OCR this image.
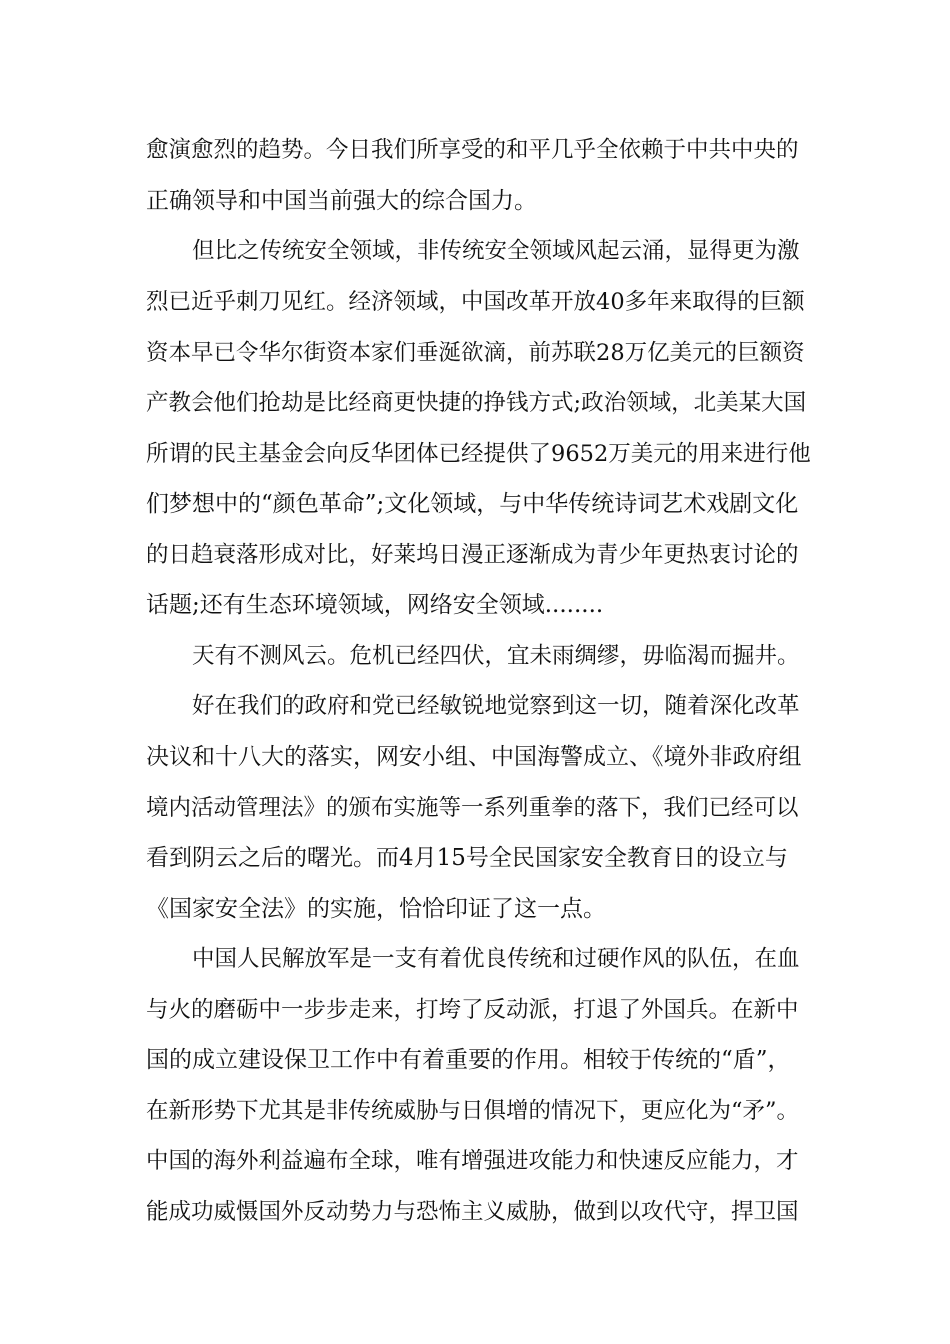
愈演愈烈的趋势。今日我们所享受的和平几乎全依赖于中共中央的
正确领导和中国当前强大的综合国力。
但比之传统安全领域，非传统安全领域风起云涌，显得更为激
烈已近乎刺刀见红。经济领域，中国改革开放40多年来取得的巨额
资本早已令华尔街资本家们垂涎欲滴，前苏联28万亿美元的巨额资
产教会他们抢劫是比经商更快捷的挣钱方式;政治领域，北美某大国
所谓的民主基金会向反华团体已经提供了9652万美元的用来进行他
们梦想中的“颜色革命”;文化领域，与中华传统诗词艺术戏剧文化
的日趋衰落形成对比，好莱坞日漫正逐渐成为青少年更热衷讨论的
话题;还有生态环境领域，网络安全领域........
天有不测风云。危机已经四伏，宜未雨绸缪，毋临渴而掘井。
好在我们的政府和党已经敏锐地觉察到这一切，随着深化改革
决议和十八大的落实，网安小组、中国海警成立、《境外非政府组
境内活动管理法》的颁布实施等一系列重拳的落下，我们已经可以
看到阴云之后的曙光。而4月15号全民国家安全教育日的设立与
《国家安全法》的实施，恰恰印证了这一点。
中国人民解放军是一支有着优良传统和过硬作风的队伍，在血
与火的磨砺中一步步走来，打垮了反动派，打退了外国兵。在新中
国的成立建设保卫工作中有着重要的作用。相较于传统的“盾”，
在新形势下尤其是非传统威胁与日俱增的情况下，更应化为“矛”。
中国的海外利益遍布全球，唯有增强进攻能力和快速反应能力，才
能成功威慑国外反动势力与恐怖主义威胁，做到以攻代守，捍卫国
